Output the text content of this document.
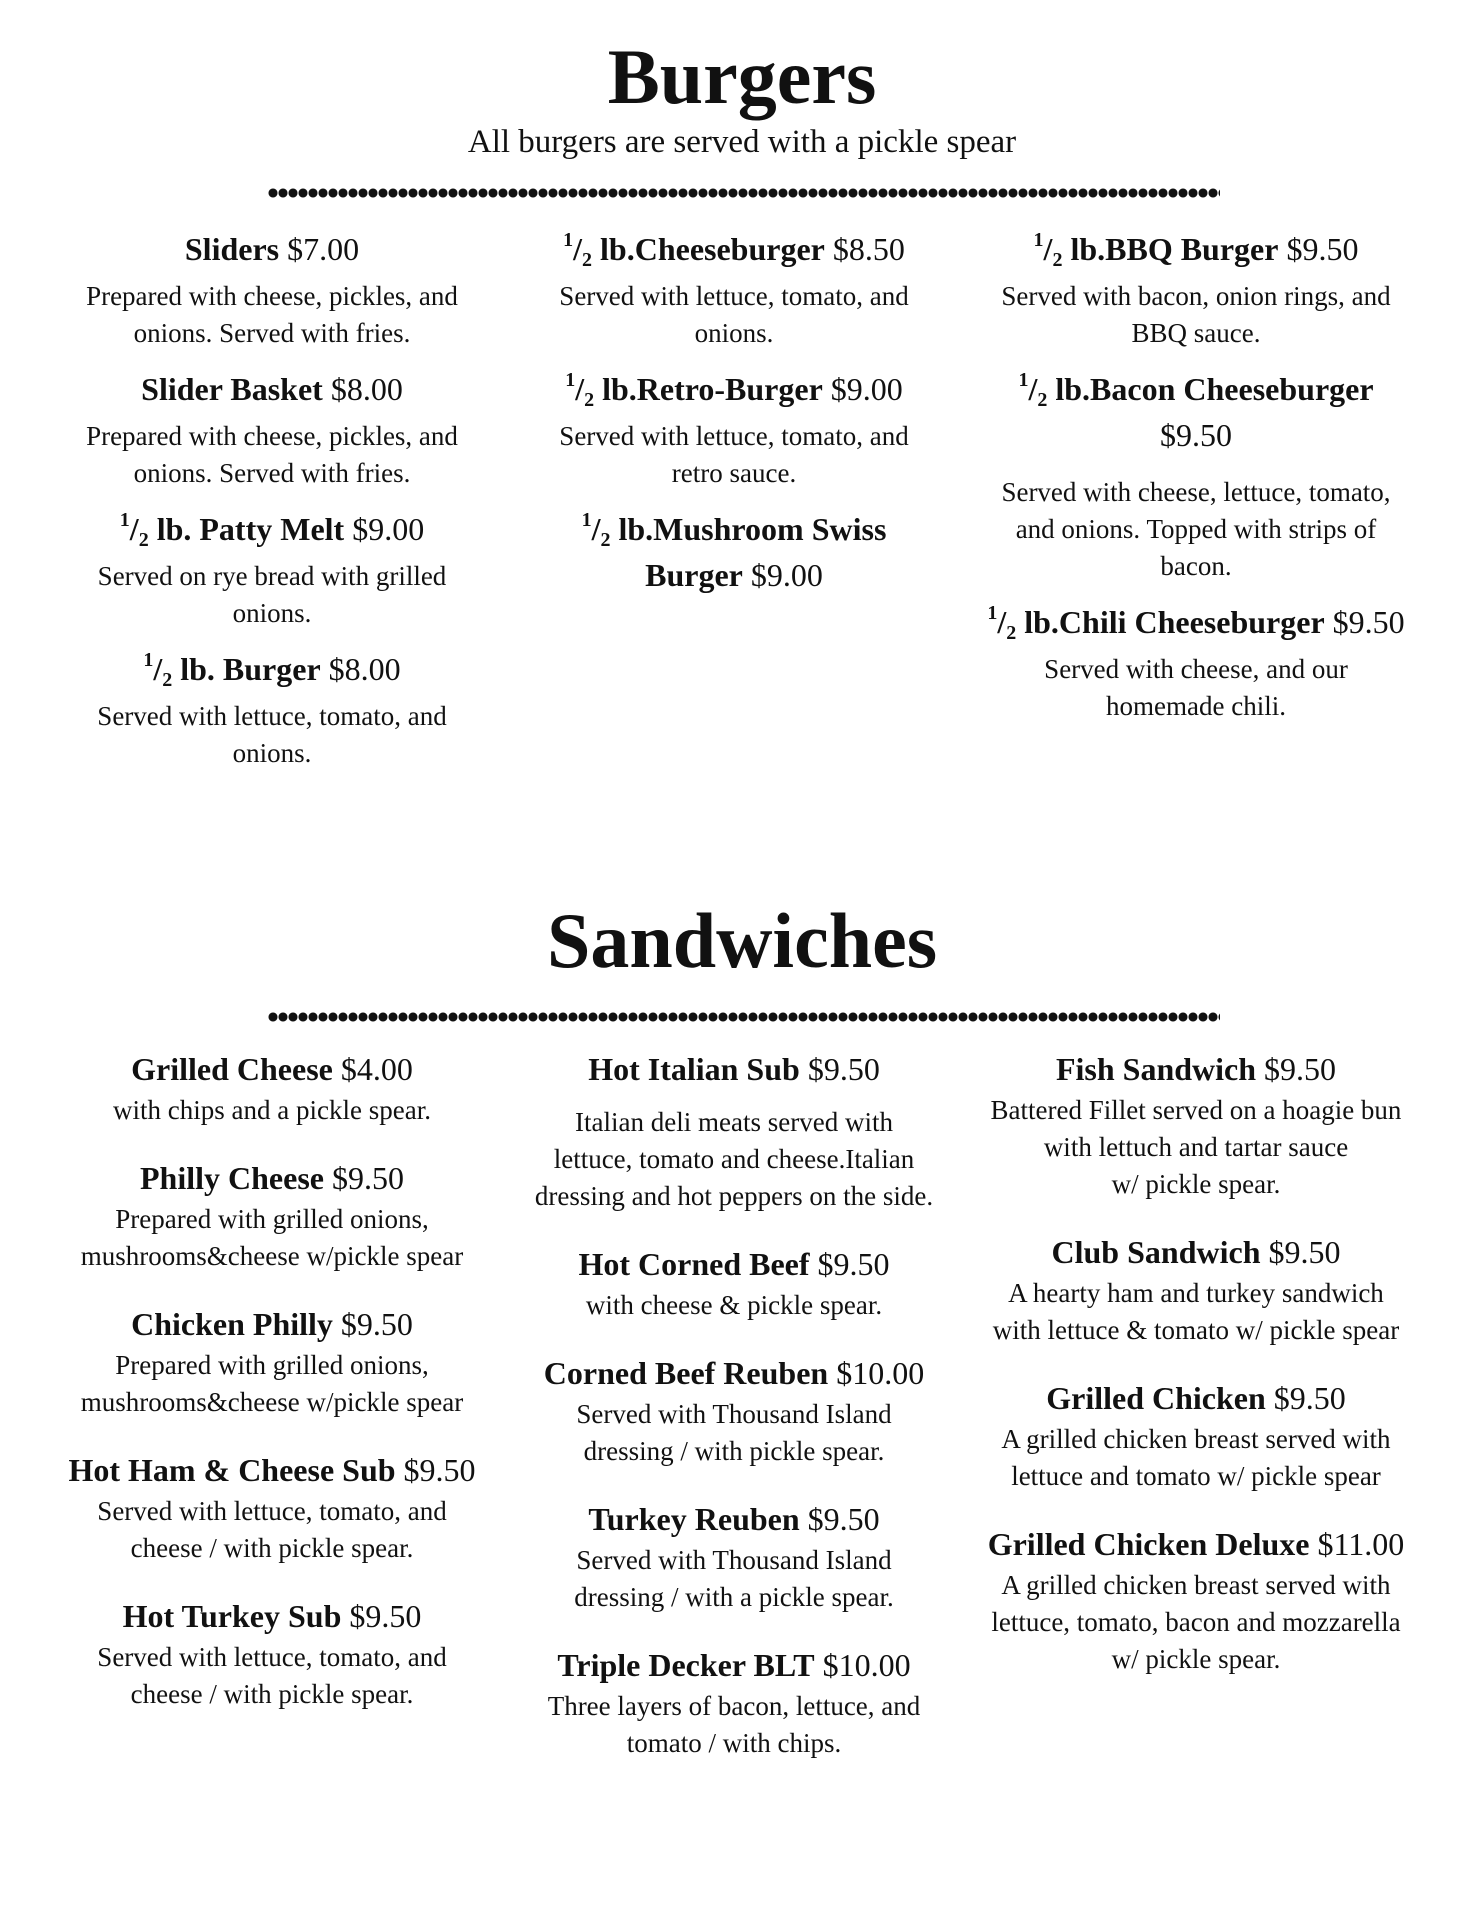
Burgers
All burgers are served with a pickle spear

Sliders $7.00

Prepared with cheese, pickles, and

onions. Served with fries.

Slider Basket $8.00

Prepared with cheese, pickles, and

onions. Served with fries.

$^1/_2$ lb. Patty Melt $9.00

Served on rye bread with grilled

onions.

$^1/_2$ lb. Burger $8.00

Served with lettuce, tomato, and

onions.

$^1/_2$ lb.Cheeseburger $8.50

Served with lettuce, tomato, and

onions.

$^1/_2$ lb.Retro-Burger $9.00

Served with lettuce, tomato, and

retro sauce.

$^1/_2$ lb.Mushroom Swiss
Burger $9.00

$^1/_2$ lb.BBQ Burger $9.50

Served with bacon, onion rings, and

BBQ sauce.

$^1/_2$ lb.Bacon Cheeseburger
$9.50

Served with cheese, lettuce, tomato,

and onions. Topped with strips of

bacon.

$^1/_2$ lb.Chili Cheeseburger $9.50

Served with cheese, and our

homemade chili.

Sandwiches

Grilled Cheese $4.00

with chips and a pickle spear.

Philly Cheese $9.50

Prepared with grilled onions,

mushrooms&cheese w/pickle spear

Chicken Philly $9.50

Prepared with grilled onions,

mushrooms&cheese w/pickle spear

Hot Ham & Cheese Sub $9.50

Served with lettuce, tomato, and

cheese / with pickle spear.

Hot Turkey Sub $9.50

Served with lettuce, tomato, and

cheese / with pickle spear.

Hot Italian Sub $9.50

Italian deli meats served with

lettuce, tomato and cheese.Italian

dressing and hot peppers on the side.

Hot Corned Beef $9.50

with cheese & pickle spear.

Corned Beef Reuben $10.00

Served with Thousand Island

dressing / with pickle spear.

Turkey Reuben $9.50

Served with Thousand Island

dressing / with a pickle spear.

Triple Decker BLT $10.00

Three layers of bacon, lettuce, and

tomato / with chips.

Fish Sandwich $9.50

Battered Fillet served on a hoagie bun

with lettuch and tartar sauce

w/ pickle spear.

Club Sandwich $9.50

A hearty ham and turkey sandwich

with lettuce & tomato w/ pickle spear

Grilled Chicken $9.50

A grilled chicken breast served with

lettuce and tomato w/ pickle spear

Grilled Chicken Deluxe $11.00

A grilled chicken breast served with

lettuce, tomato, bacon and mozzarella

w/ pickle spear.
